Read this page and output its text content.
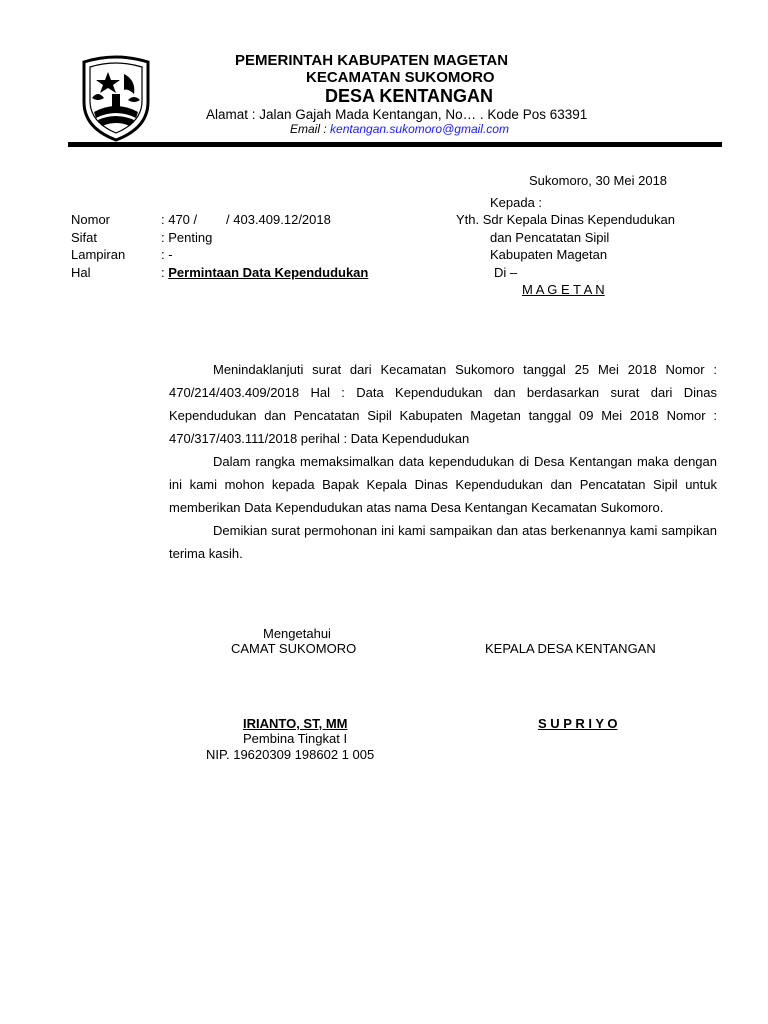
PEMERINTAH KABUPATEN MAGETAN
KECAMATAN SUKOMORO
DESA KENTANGAN
Alamat : Jalan Gajah Mada Kentangan, No… . Kode Pos 63391
Email : kentangan.sukomoro@gmail.com
Sukomoro, 30 Mei 2018
Nomor	: 470 /        / 403.409.12/2018
Sifat	: Penting
Lampiran	: -
Hal	: Permintaan Data Kependudukan
Kepada :
Yth. Sdr Kepala Dinas Kependudukan
dan Pencatatan Sipil
Kabupaten Magetan
Di –
M A G E T A N

Menindaklanjuti surat dari Kecamatan Sukomoro tanggal 25 Mei 2018 Nomor : 470/214/403.409/2018 Hal : Data Kependudukan dan berdasarkan surat dari Dinas Kependudukan dan Pencatatan Sipil Kabupaten Magetan tanggal 09 Mei 2018 Nomor : 470/317/403.111/2018 perihal : Data Kependudukan

Dalam rangka memaksimalkan data kependudukan di Desa Kentangan maka dengan ini kami mohon kepada Bapak Kepala Dinas Kependudukan dan Pencatatan Sipil untuk memberikan Data Kependudukan atas nama Desa Kentangan Kecamatan Sukomoro.

Demikian surat permohonan ini kami sampaikan dan atas berkenannya kami sampikan terima kasih.

Mengetahui
CAMAT SUKOMORO	KEPALA DESA KENTANGAN
IRIANTO, ST, MM
Pembina Tingkat I
NIP. 19620309 198602 1 005
S U P R I Y O
